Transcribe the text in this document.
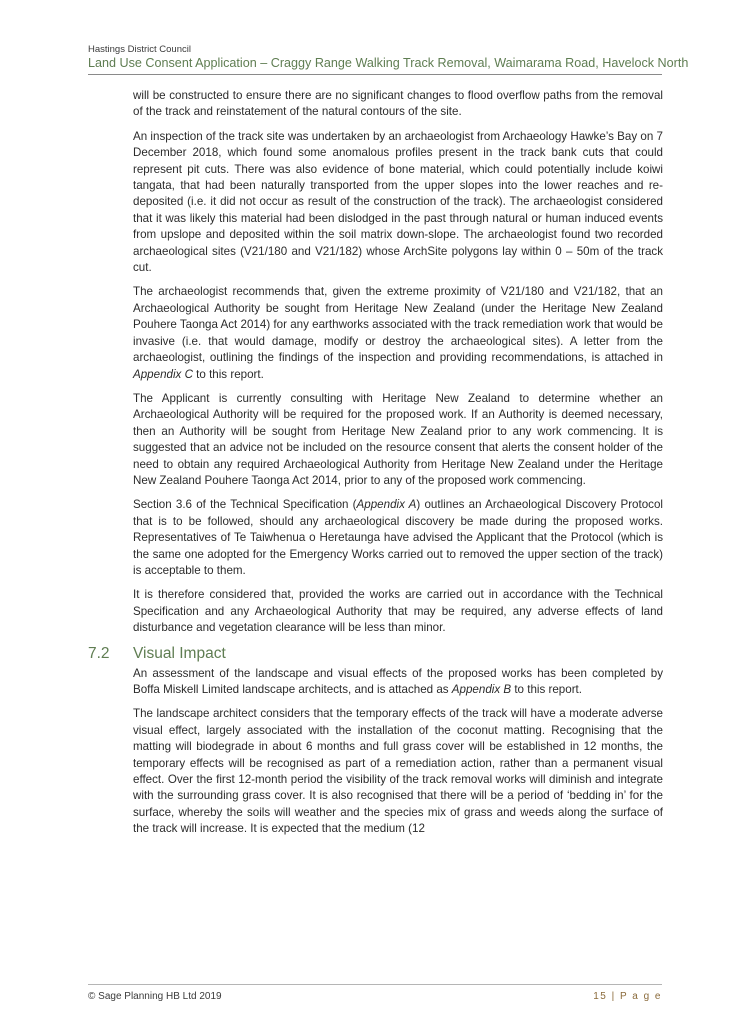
Hastings District Council
Land Use Consent Application – Craggy Range Walking Track Removal, Waimarama Road, Havelock North

will be constructed to ensure there are no significant changes to flood overflow paths from the removal of the track and reinstatement of the natural contours of the site.

An inspection of the track site was undertaken by an archaeologist from Archaeology Hawke’s Bay on 7 December 2018, which found some anomalous profiles present in the track bank cuts that could represent pit cuts. There was also evidence of bone material, which could potentially include koiwi tangata, that had been naturally transported from the upper slopes into the lower reaches and re-deposited (i.e. it did not occur as result of the construction of the track). The archaeologist considered that it was likely this material had been dislodged in the past through natural or human induced events from upslope and deposited within the soil matrix down-slope. The archaeologist found two recorded archaeological sites (V21/180 and V21/182) whose ArchSite polygons lay within 0 – 50m of the track cut.

The archaeologist recommends that, given the extreme proximity of V21/180 and V21/182, that an Archaeological Authority be sought from Heritage New Zealand (under the Heritage New Zealand Pouhere Taonga Act 2014) for any earthworks associated with the track remediation work that would be invasive (i.e. that would damage, modify or destroy the archaeological sites). A letter from the archaeologist, outlining the findings of the inspection and providing recommendations, is attached in Appendix C to this report.

The Applicant is currently consulting with Heritage New Zealand to determine whether an Archaeological Authority will be required for the proposed work. If an Authority is deemed necessary, then an Authority will be sought from Heritage New Zealand prior to any work commencing. It is suggested that an advice not be included on the resource consent that alerts the consent holder of the need to obtain any required Archaeological Authority from Heritage New Zealand under the Heritage New Zealand Pouhere Taonga Act 2014, prior to any of the proposed work commencing.

Section 3.6 of the Technical Specification (Appendix A) outlines an Archaeological Discovery Protocol that is to be followed, should any archaeological discovery be made during the proposed works. Representatives of Te Taiwhenua o Heretaunga have advised the Applicant that the Protocol (which is the same one adopted for the Emergency Works carried out to removed the upper section of the track) is acceptable to them.

It is therefore considered that, provided the works are carried out in accordance with the Technical Specification and any Archaeological Authority that may be required, any adverse effects of land disturbance and vegetation clearance will be less than minor.

7.2	Visual Impact

An assessment of the landscape and visual effects of the proposed works has been completed by Boffa Miskell Limited landscape architects, and is attached as Appendix B to this report.

The landscape architect considers that the temporary effects of the track will have a moderate adverse visual effect, largely associated with the installation of the coconut matting. Recognising that the matting will biodegrade in about 6 months and full grass cover will be established in 12 months, the temporary effects will be recognised as part of a remediation action, rather than a permanent visual effect. Over the first 12-month period the visibility of the track removal works will diminish and integrate with the surrounding grass cover. It is also recognised that there will be a period of ‘bedding in’ for the surface, whereby the soils will weather and the species mix of grass and weeds along the surface of the track will increase. It is expected that the medium (12

© Sage Planning HB Ltd 2019	15 | P a g e
